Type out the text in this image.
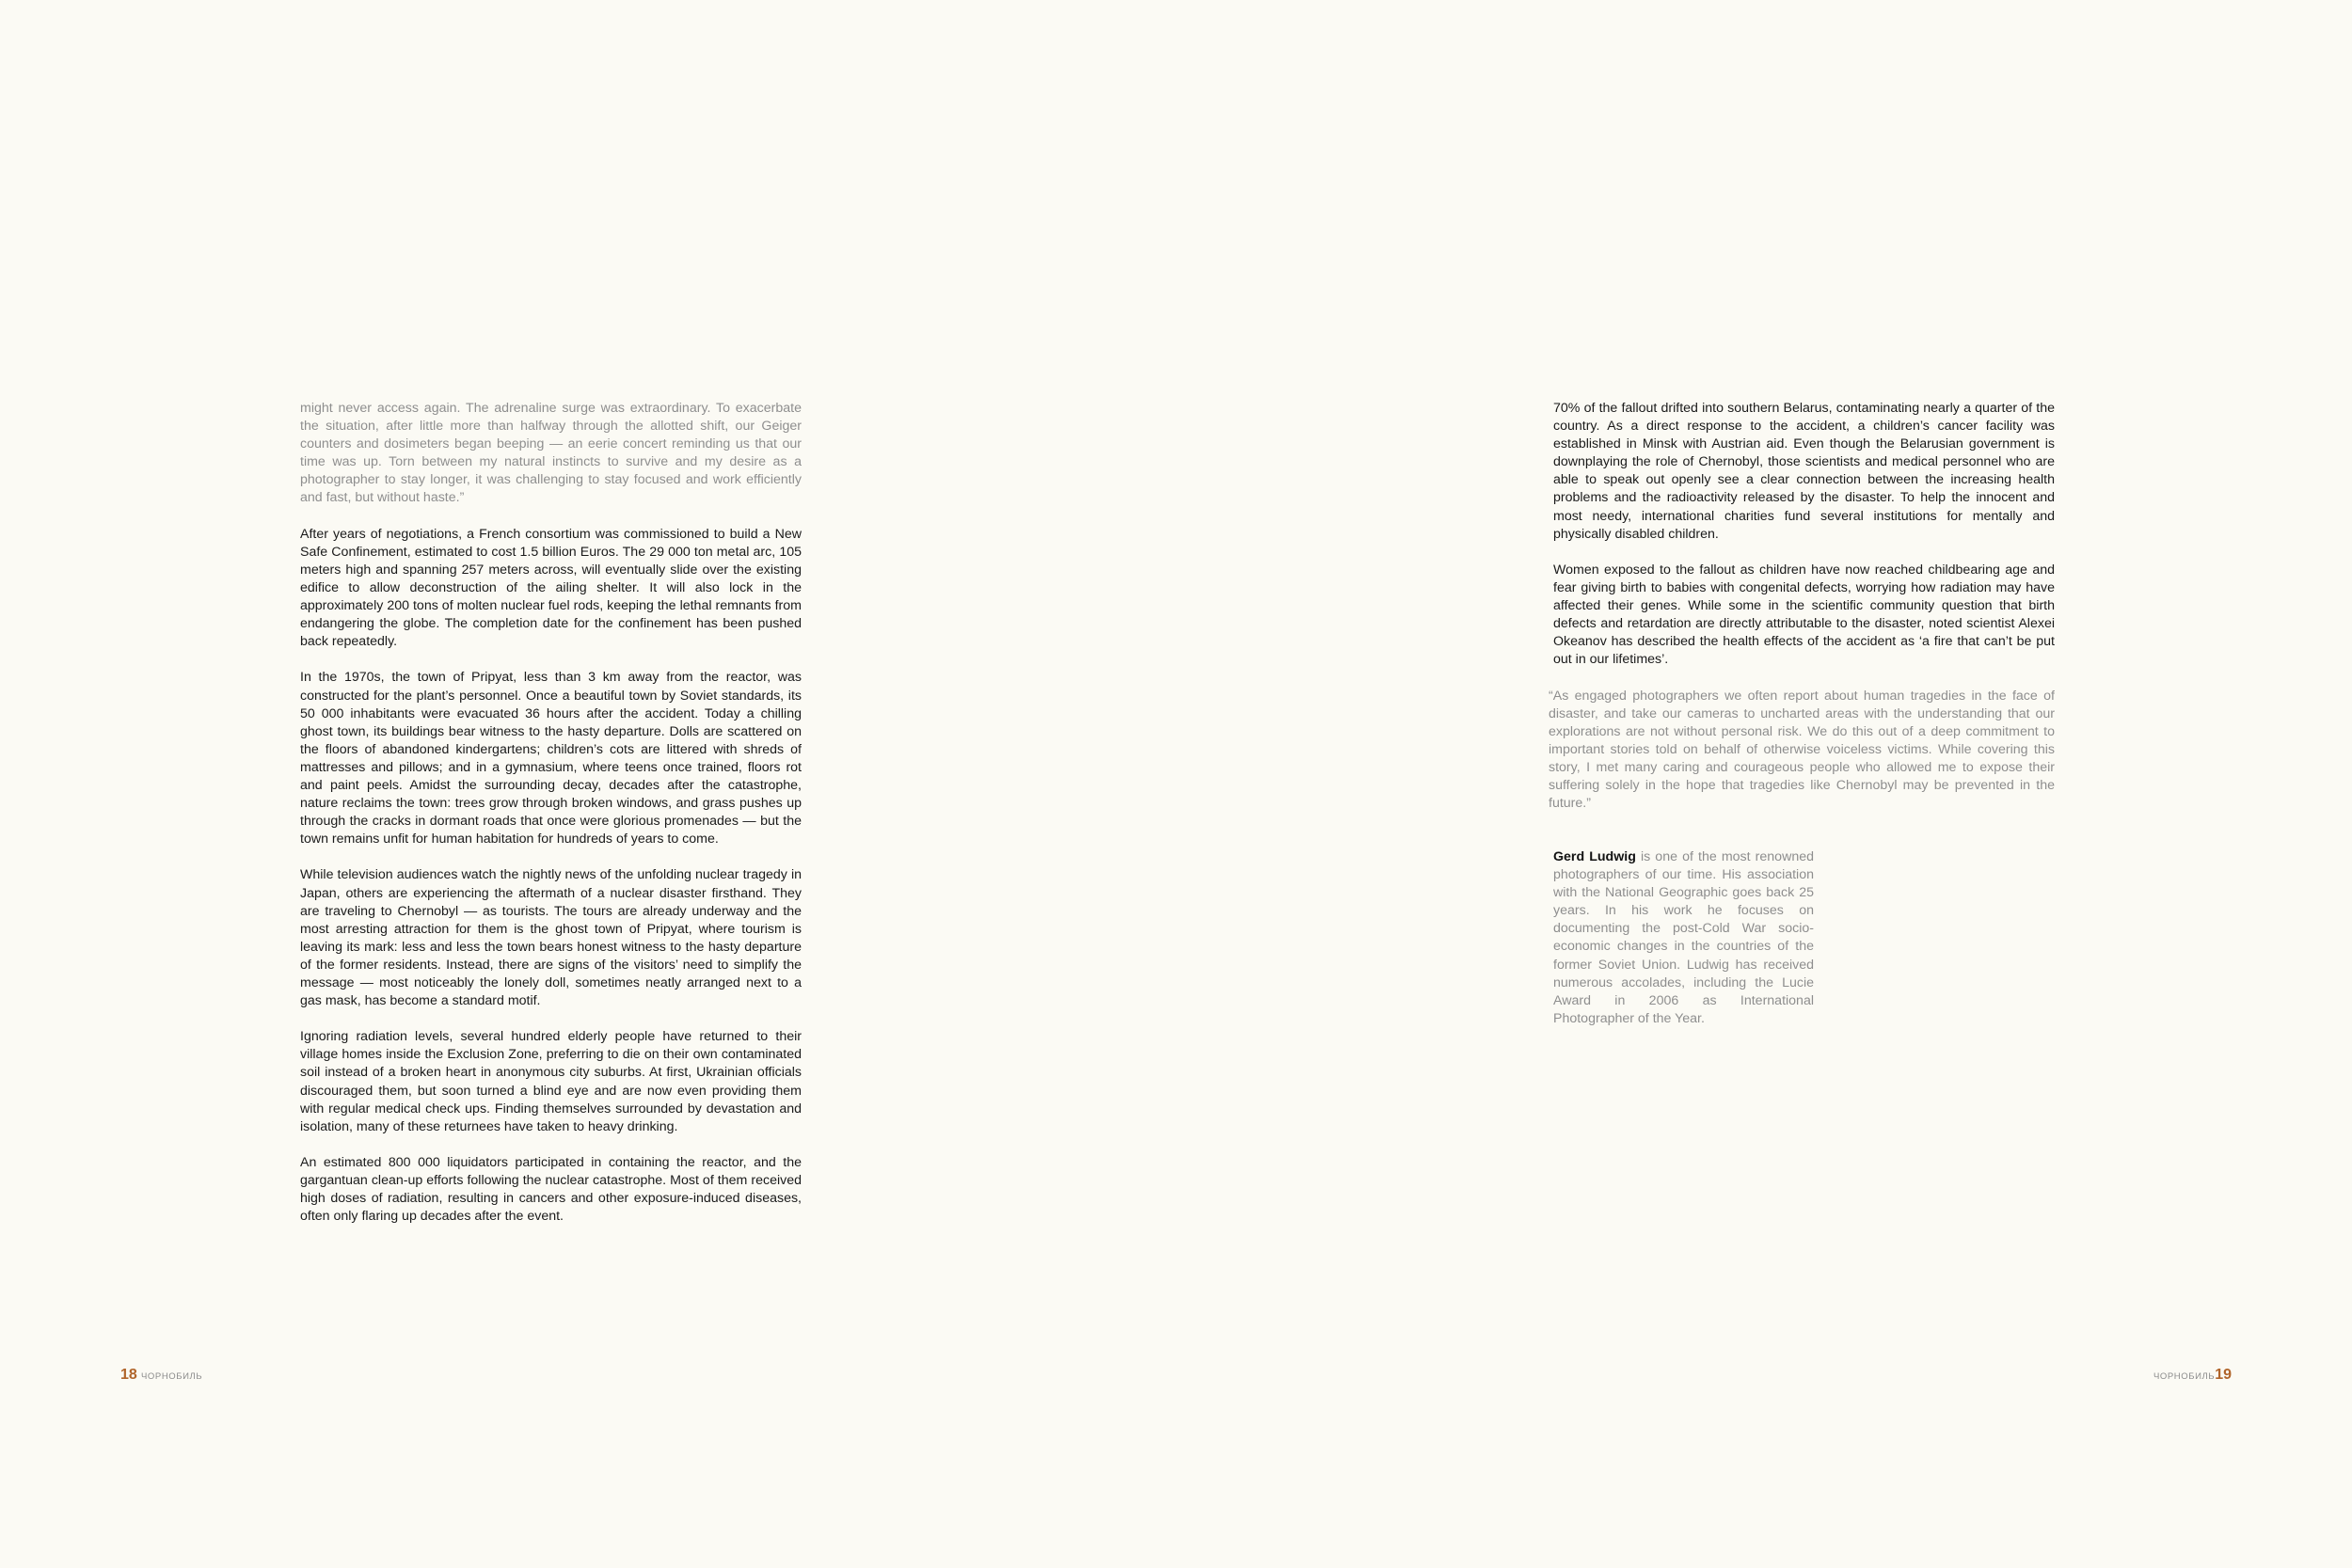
might never access again. The adrenaline surge was extraordinary. To exacerbate the situation, after little more than halfway through the allotted shift, our Geiger counters and dosimeters began beeping — an eerie concert reminding us that our time was up. Torn between my natural instincts to survive and my desire as a photographer to stay longer, it was challenging to stay focused and work efficiently and fast, but without haste.”

After years of negotiations, a French consortium was commissioned to build a New Safe Confinement, estimated to cost 1.5 billion Euros. The 29 000 ton metal arc, 105 meters high and spanning 257 meters across, will eventually slide over the existing edifice to allow deconstruction of the ailing shelter. It will also lock in the approximately 200 tons of molten nuclear fuel rods, keeping the lethal remnants from endangering the globe. The completion date for the confinement has been pushed back repeatedly.

In the 1970s, the town of Pripyat, less than 3 km away from the reactor, was constructed for the plant’s personnel. Once a beautiful town by Soviet standards, its 50 000 inhabitants were evacuated 36 hours after the accident. Today a chilling ghost town, its buildings bear witness to the hasty departure. Dolls are scattered on the floors of abandoned kindergartens; children’s cots are littered with shreds of mattresses and pillows; and in a gymnasium, where teens once trained, floors rot and paint peels. Amidst the surrounding decay, decades after the catastrophe, nature reclaims the town: trees grow through broken windows, and grass pushes up through the cracks in dormant roads that once were glorious promenades — but the town remains unfit for human habitation for hundreds of years to come.

While television audiences watch the nightly news of the unfolding nuclear tragedy in Japan, others are experiencing the aftermath of a nuclear disaster firsthand. They are traveling to Chernobyl — as tourists. The tours are already underway and the most arresting attraction for them is the ghost town of Pripyat, where tourism is leaving its mark: less and less the town bears honest witness to the hasty departure of the former residents. Instead, there are signs of the visitors’ need to simplify the message — most noticeably the lonely doll, sometimes neatly arranged next to a gas mask, has become a standard motif.

Ignoring radiation levels, several hundred elderly people have returned to their village homes inside the Exclusion Zone, preferring to die on their own contaminated soil instead of a broken heart in anonymous city suburbs. At first, Ukrainian officials discouraged them, but soon turned a blind eye and are now even providing them with regular medical check ups. Finding themselves surrounded by devastation and isolation, many of these returnees have taken to heavy drinking.

An estimated 800 000 liquidators participated in containing the reactor, and the gargantuan clean-up efforts following the nuclear catastrophe. Most of them received high doses of radiation, resulting in cancers and other exposure-induced diseases, often only flaring up decades after the event.

18 ЧОРНОБИЛЬ

70% of the fallout drifted into southern Belarus, contaminating nearly a quarter of the country. As a direct response to the accident, a children’s cancer facility was established in Minsk with Austrian aid. Even though the Belarusian government is downplaying the role of Chernobyl, those scientists and medical personnel who are able to speak out openly see a clear connection between the increasing health problems and the radioactivity released by the disaster. To help the innocent and most needy, international charities fund several institutions for mentally and physically disabled children.

Women exposed to the fallout as children have now reached childbearing age and fear giving birth to babies with congenital defects, worrying how radiation may have affected their genes. While some in the scientific community question that birth defects and retardation are directly attributable to the disaster, noted scientist Alexei Okeanov has described the health effects of the accident as ‘a fire that can’t be put out in our lifetimes’.

“As engaged photographers we often report about human tragedies in the face of disaster, and take our cameras to uncharted areas with the understanding that our explorations are not without personal risk. We do this out of a deep commitment to important stories told on behalf of otherwise voiceless victims. While covering this story, I met many caring and courageous people who allowed me to expose their suffering solely in the hope that tragedies like Chernobyl may be prevented in the future.”

Gerd Ludwig is one of the most renowned photographers of our time. His association with the National Geographic goes back 25 years. In his work he focuses on documenting the post-Cold War socio-economic changes in the countries of the former Soviet Union. Ludwig has received numerous accolades, including the Lucie Award in 2006 as International Photographer of the Year.
ЧОРНОБИЛЬ19
